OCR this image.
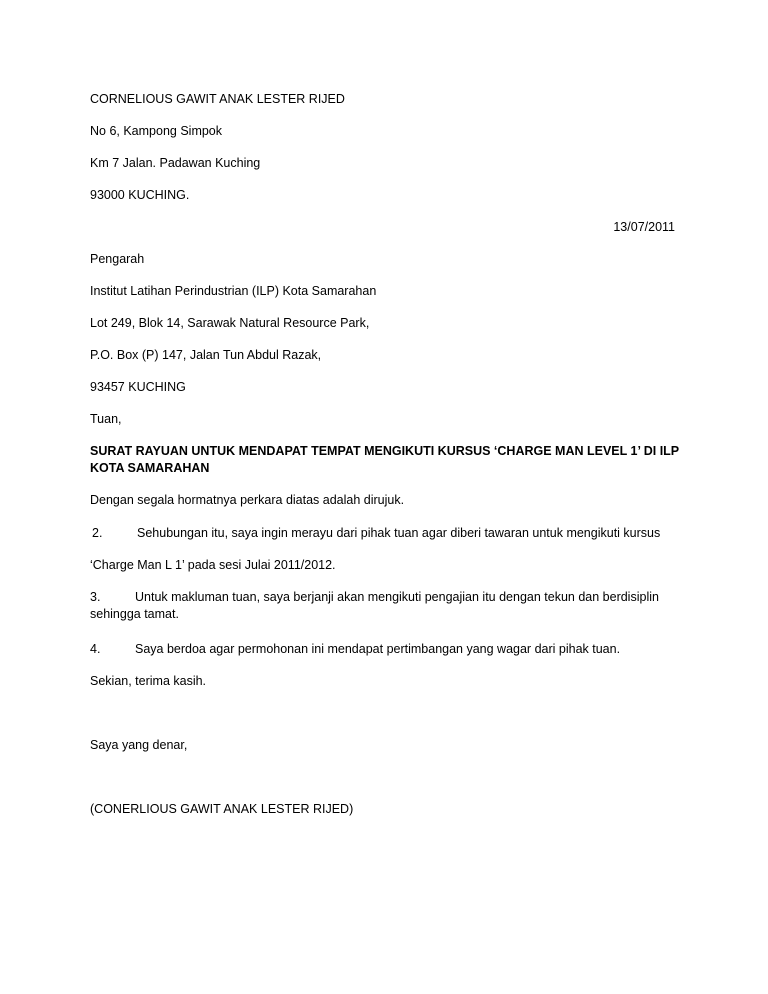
CORNELIOUS GAWIT ANAK LESTER RIJED
No 6, Kampong Simpok
Km 7 Jalan. Padawan Kuching
93000 KUCHING.
13/07/2011
Pengarah
Institut Latihan Perindustrian (ILP) Kota Samarahan
Lot 249, Blok 14, Sarawak Natural Resource Park,
P.O. Box (P) 147, Jalan Tun Abdul Razak,
93457 KUCHING
Tuan,
SURAT RAYUAN UNTUK MENDAPAT TEMPAT MENGIKUTI KURSUS ‘CHARGE MAN LEVEL 1’ DI ILP
KOTA SAMARAHAN
Dengan segala hormatnya perkara diatas adalah dirujuk.
2.	Sehubungan itu, saya ingin merayu dari pihak tuan agar diberi tawaran untuk mengikuti kursus
‘Charge Man L 1’ pada sesi Julai 2011/2012.
3.	Untuk makluman tuan, saya berjanji akan mengikuti pengajian itu dengan tekun dan berdisiplin
sehingga tamat.
4.	Saya berdoa agar permohonan ini mendapat pertimbangan yang wagar dari pihak tuan.
Sekian, terima kasih.
Saya yang denar,
(CONERLIOUS GAWIT ANAK LESTER RIJED)
